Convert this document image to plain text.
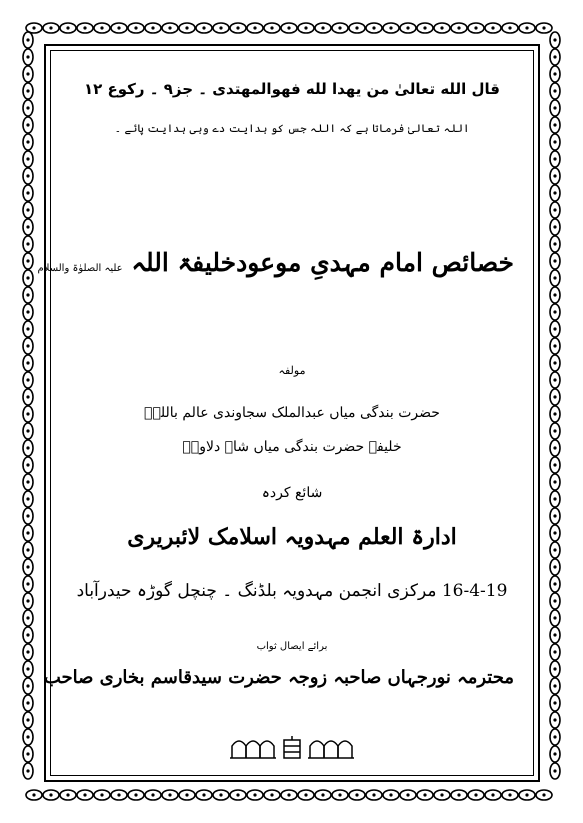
قال الله تعالیٰ من یهدا لله فهوالمهتدی ۔ جز۹ ۔ رکوع ۱۲
اللہ تعالیٰ فرماتا ہے کہ اللہ جس کو ہدایت دے وہی ہدایت پائے ۔
خصائص امام مہدیِ موعودخلیفۃ اللہ علیہ الصلوٰۃ والسلام
مولفہ
حضرت بندگی میاں عبدالملک سجاوندی عالم باللہؒ
خلیفہ حضرت بندگی میاں شاہ دلاورؓ
شائع کردہ
ادارۃ العلم مہدویہ اسلامک لائبریری
16-4-19 مرکزی انجمن مہدویہ بلڈنگ ۔ چنچل گوڑہ حیدرآباد
برائے ایصال ثواب
محترمہ نورجہاں صاحبہ زوجہ حضرت سیدقاسم بخاری صاحب
